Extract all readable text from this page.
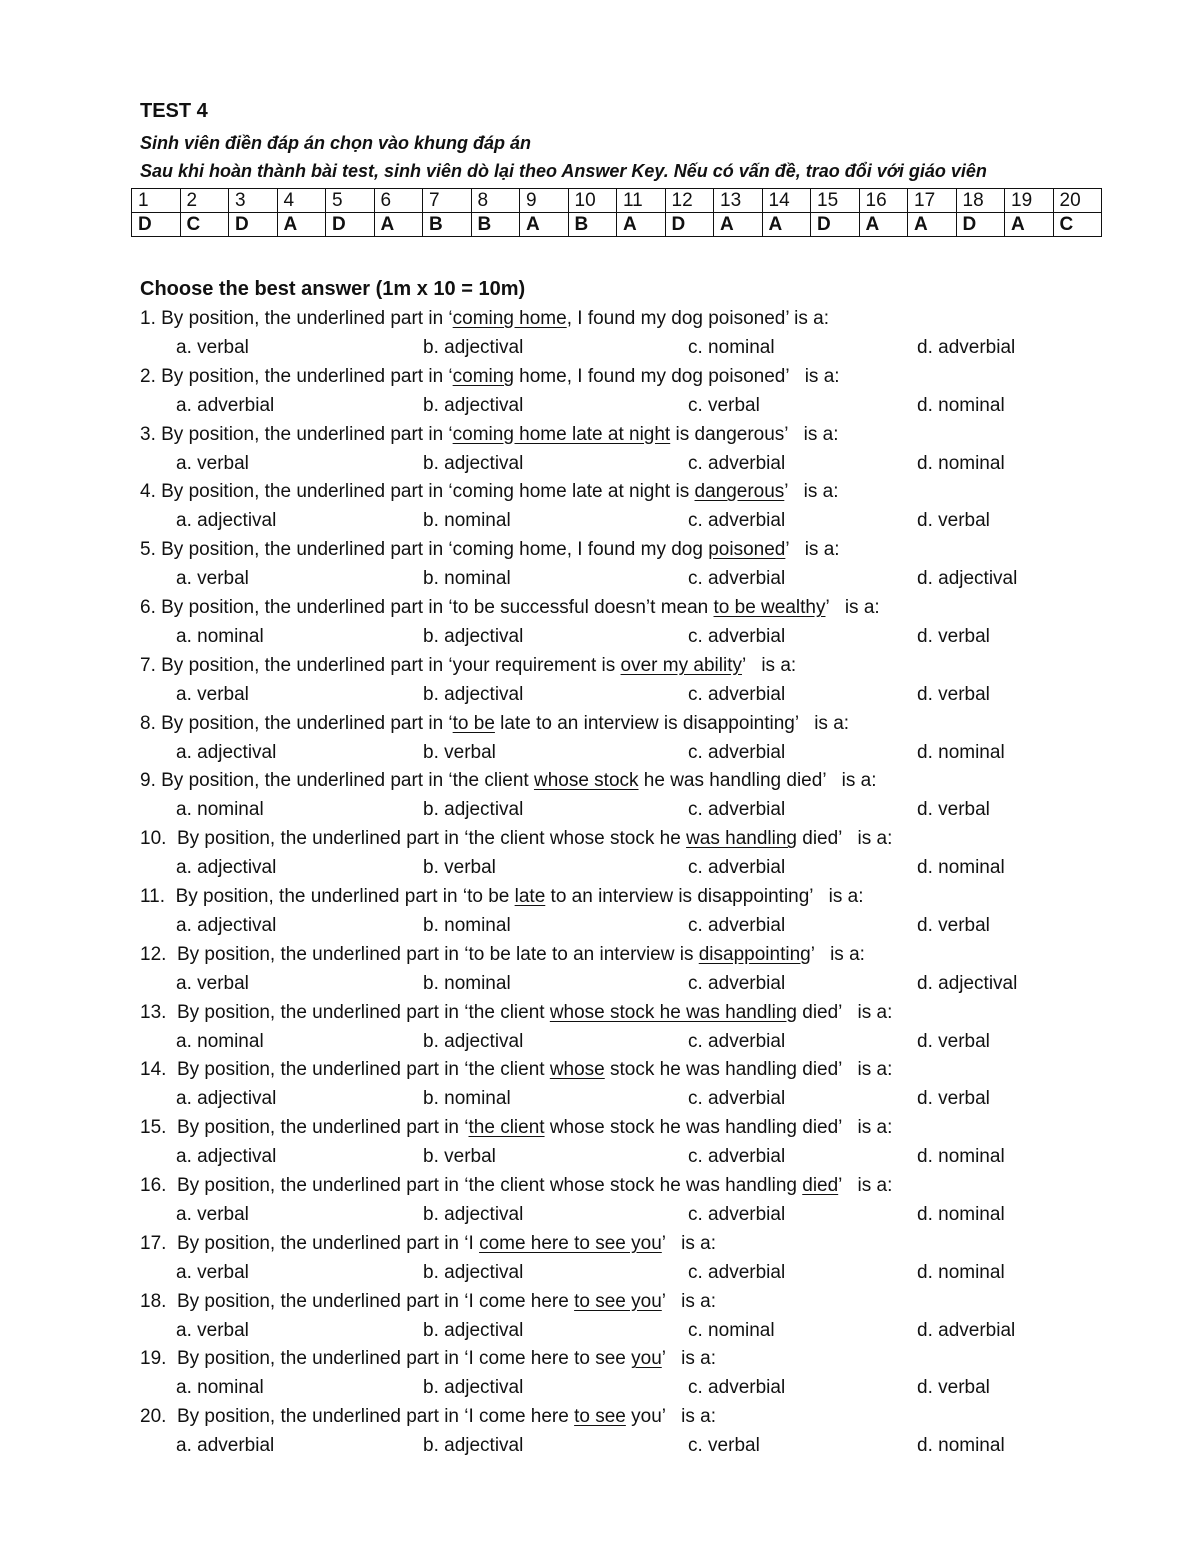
TEST 4
Sinh viên điền đáp án chọn vào khung đáp án
Sau khi hoàn thành bài test, sinh viên dò lại theo Answer Key. Nếu có vấn đề, trao đổi với giáo viên
1	2	3	4	5	6	7	8	9	10	11	12	13	14	15	16	17	18	19	20
D	C	D	A	D	A	B	B	A	B	A	D	A	A	D	A	A	D	A	C
Choose the best answer (1m x 10 = 10m)
1. By position, the underlined part in ‘coming home, I found my dog poisoned’ is a:
a. verbal	b. adjectival	c. nominal	d. adverbial
2. By position, the underlined part in ‘coming home, I found my dog poisoned’   is a:
a. adverbial	b. adjectival	c. verbal	d. nominal
3. By position, the underlined part in ‘coming home late at night is dangerous’   is a:
a. verbal	b. adjectival	c. adverbial	d. nominal
4. By position, the underlined part in ‘coming home late at night is dangerous’   is a:
a. adjectival	b. nominal	c. adverbial	d. verbal
5. By position, the underlined part in ‘coming home, I found my dog poisoned’   is a:
a. verbal	b. nominal	c. adverbial	d. adjectival
6. By position, the underlined part in ‘to be successful doesn’t mean to be wealthy’   is a:
a. nominal	b. adjectival	c. adverbial	d. verbal
7. By position, the underlined part in ‘your requirement is over my ability’   is a:
a. verbal	b. adjectival	c. adverbial	d. verbal
8. By position, the underlined part in ‘to be late to an interview is disappointing’   is a:
a. adjectival	b. verbal	c. adverbial	d. nominal
9. By position, the underlined part in ‘the client whose stock he was handling died’   is a:
a. nominal	b. adjectival	c. adverbial	d. verbal
10.  By position, the underlined part in ‘the client whose stock he was handling died’   is a:
a. adjectival	b. verbal	c. adverbial	d. nominal
11.  By position, the underlined part in ‘to be late to an interview is disappointing’   is a:
a. adjectival	b. nominal	c. adverbial	d. verbal
12.  By position, the underlined part in ‘to be late to an interview is disappointing’   is a:
a. verbal	b. nominal	c. adverbial	d. adjectival
13.  By position, the underlined part in ‘the client whose stock he was handling died’   is a:
a. nominal	b. adjectival	c. adverbial	d. verbal
14.  By position, the underlined part in ‘the client whose stock he was handling died’   is a:
a. adjectival	b. nominal	c. adverbial	d. verbal
15.  By position, the underlined part in ‘the client whose stock he was handling died’   is a:
a. adjectival	b. verbal	c. adverbial	d. nominal
16.  By position, the underlined part in ‘the client whose stock he was handling died’   is a:
a. verbal	b. adjectival	c. adverbial	d. nominal
17.  By position, the underlined part in ‘I come here to see you’   is a:
a. verbal	b. adjectival	c. adverbial	d. nominal
18.  By position, the underlined part in ‘I come here to see you’   is a:
a. verbal	b. adjectival	c. nominal	d. adverbial
19.  By position, the underlined part in ‘I come here to see you’   is a:
a. nominal	b. adjectival	c. adverbial	d. verbal
20.  By position, the underlined part in ‘I come here to see you’   is a:
a. adverbial	b. adjectival	c. verbal	d. nominal
